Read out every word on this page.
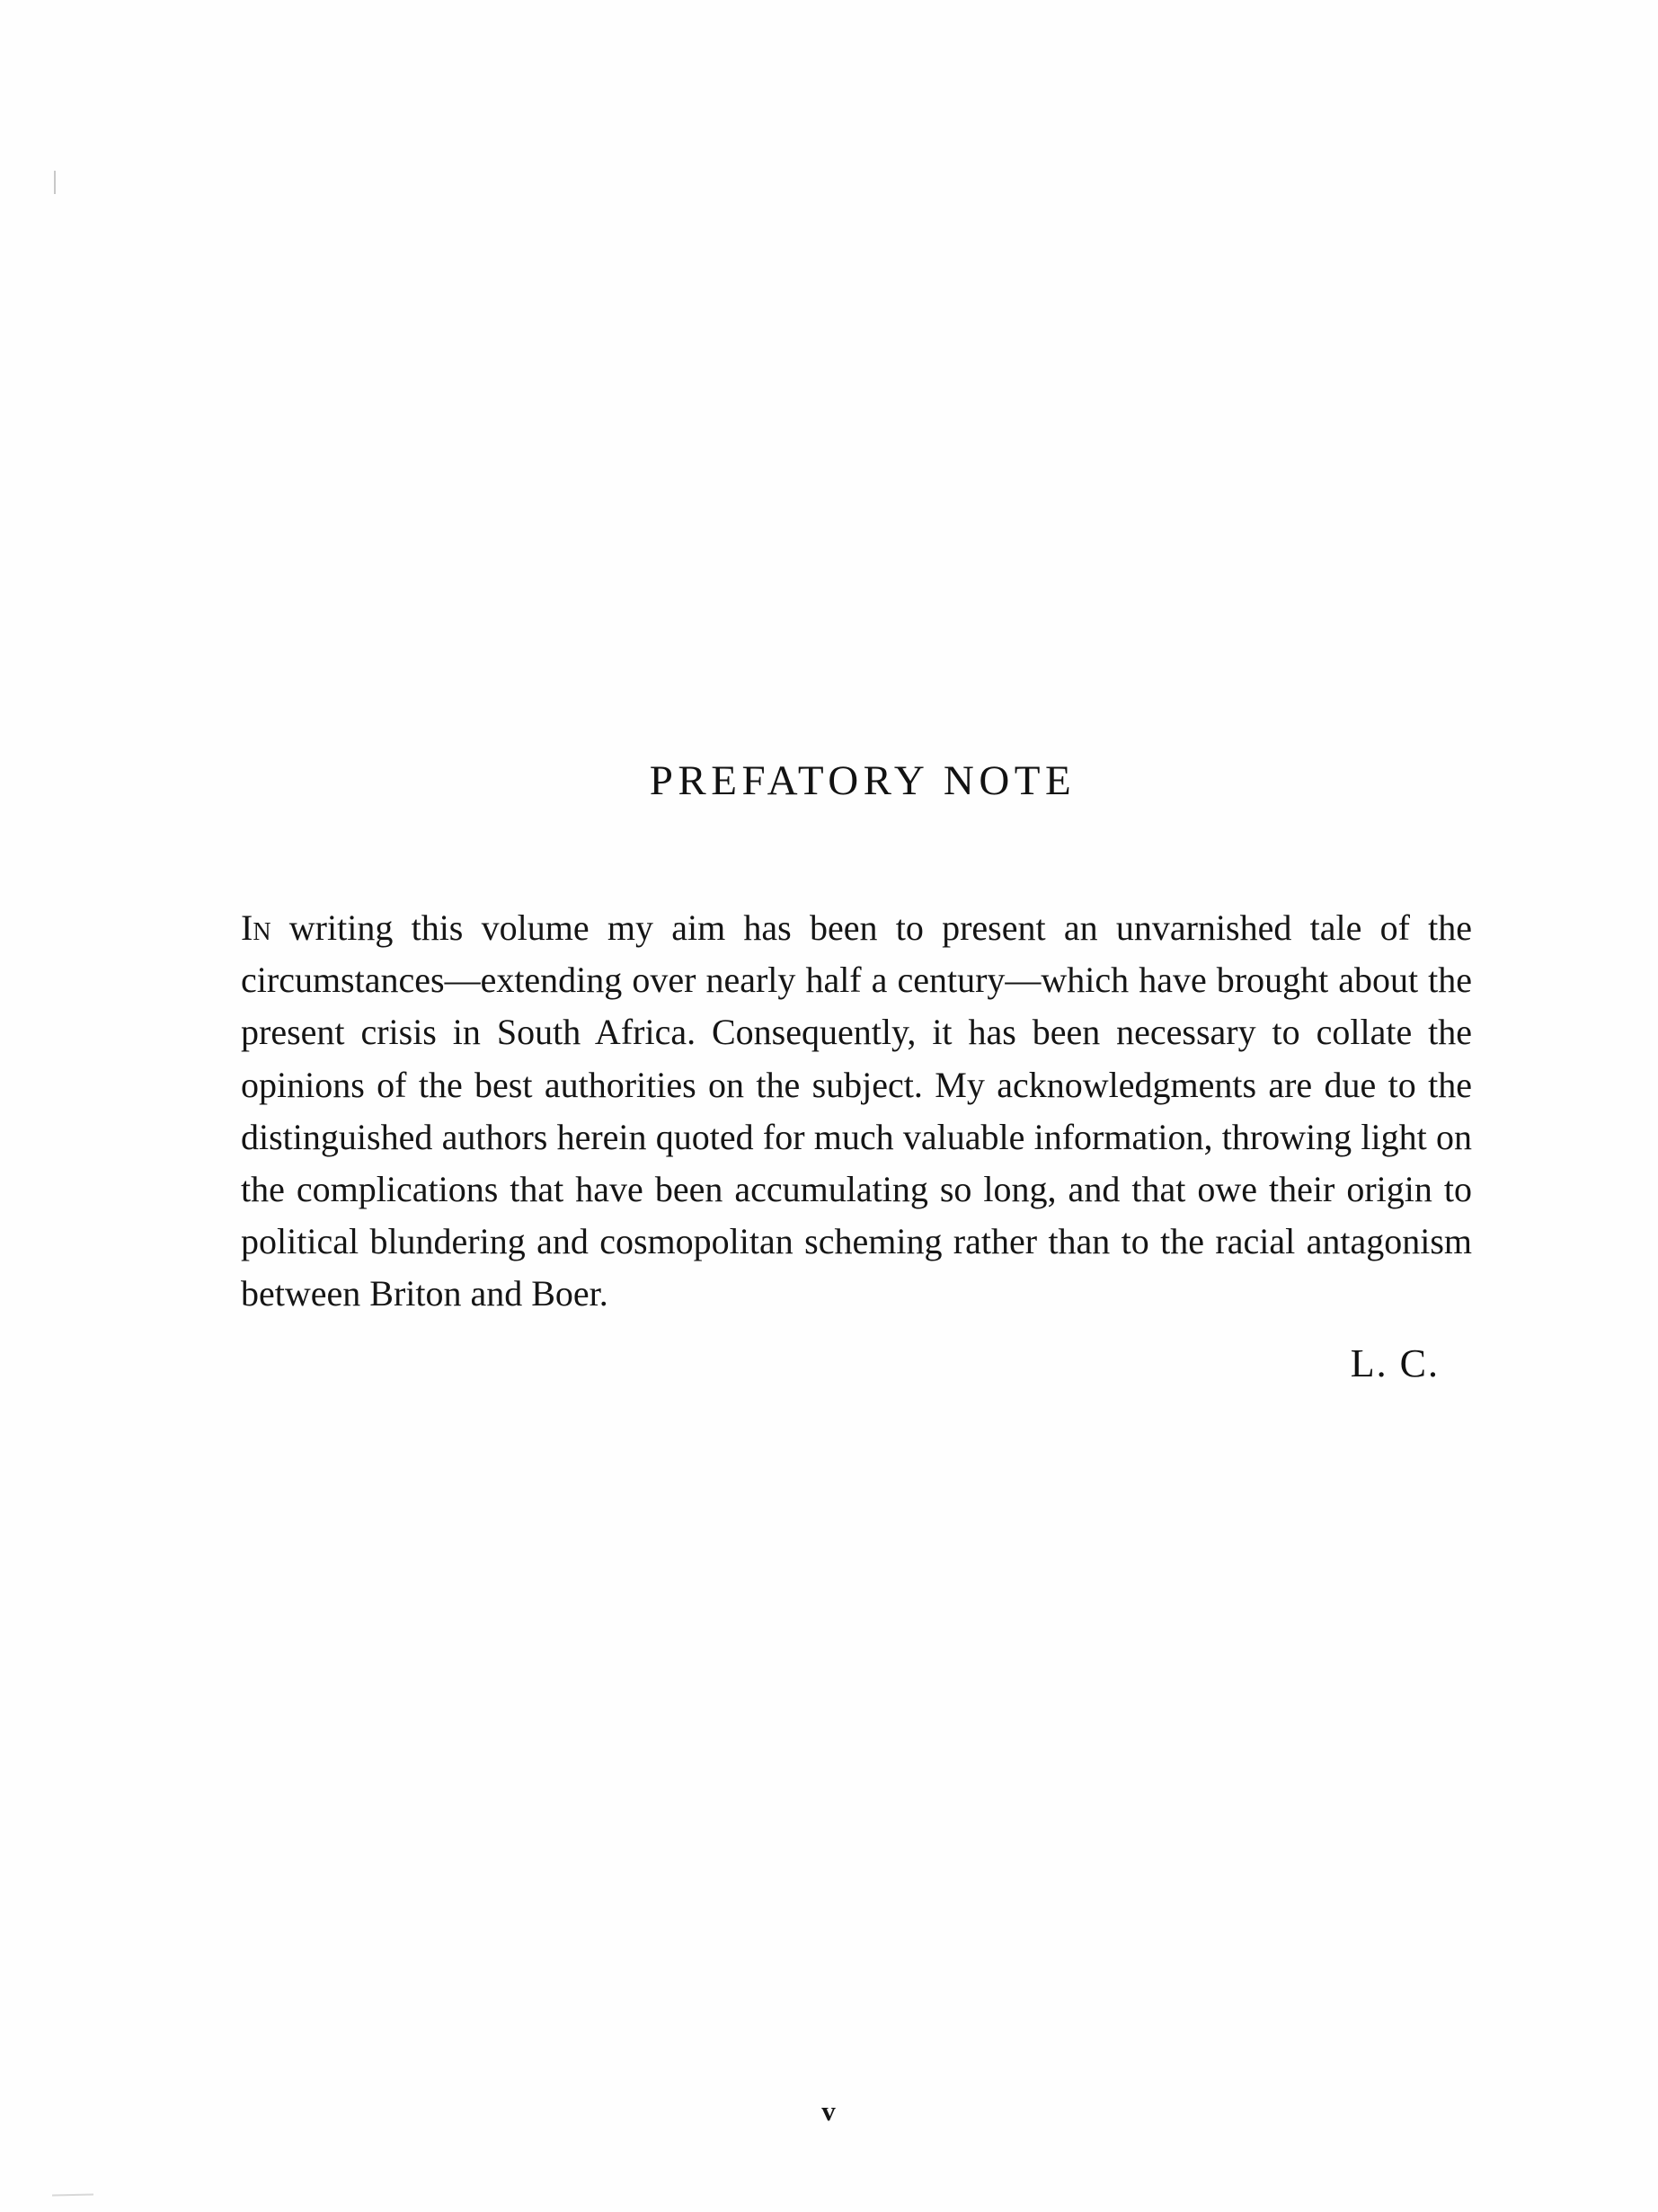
PREFATORY NOTE

In writing this volume my aim has been to present an unvarnished tale of the circumstances—extending over nearly half a century—which have brought about the present crisis in South Africa. Consequently, it has been necessary to collate the opinions of the best authorities on the subject. My acknowledgments are due to the distinguished authors herein quoted for much valuable information, throwing light on the complications that have been accumulating so long, and that owe their origin to political blundering and cosmopolitan scheming rather than to the racial antagonism between Briton and Boer.

L. C.
v
